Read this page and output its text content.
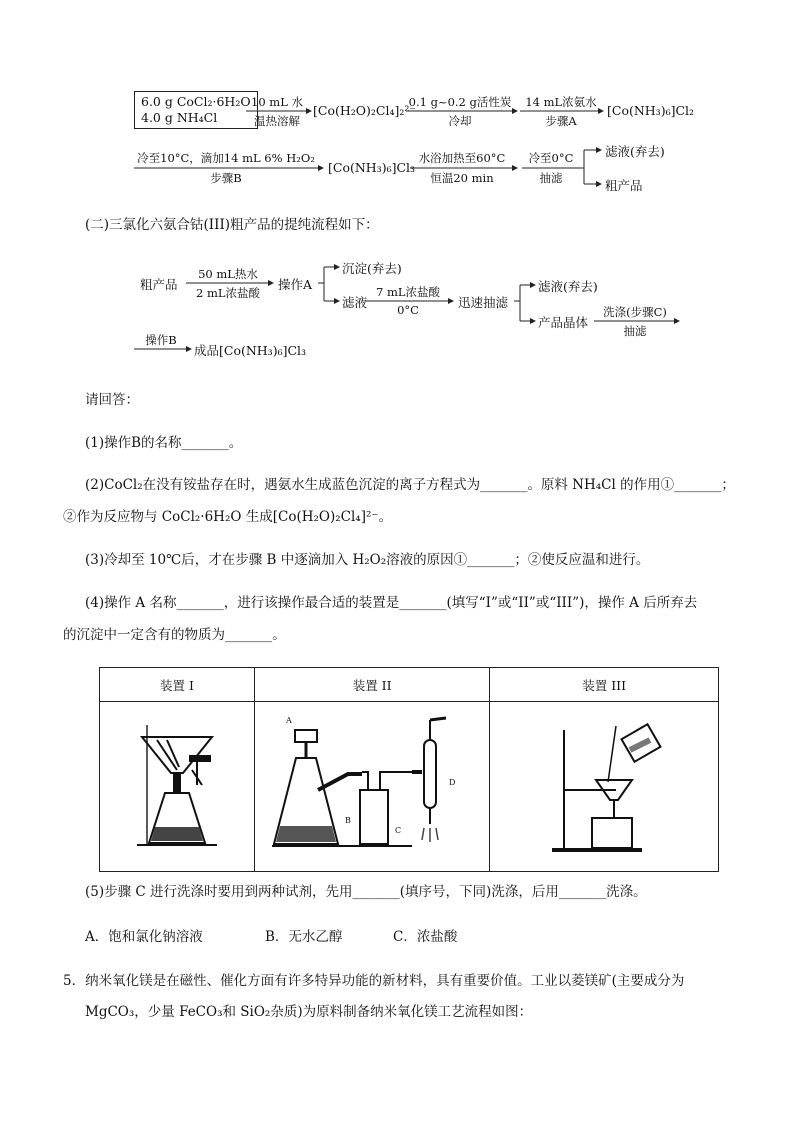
6.0 g CoCl₂·6H₂O
4.0 g NH₄Cl
10 mL 水
温热溶解
[Co(H₂O)₂Cl₄]₂²⁻
0.1 g~0.2 g活性炭
冷却
14 mL浓氨水
步骤A
[Co(NH₃)₆]Cl₂
冷至10°C，滴加14 mL 6% H₂O₂
步骤B
[Co(NH₃)₆]Cl₃
水浴加热至60°C
恒温20 min
冷至0°C
抽滤
滤液(弃去)
粗产品
(二)三氯化六氨合钴(III)粗产品的提纯流程如下：
粗产品
50 mL热水
2 mL浓盐酸
操作A
沉淀(弃去)
滤液
7 mL浓盐酸
0°C	迅速抽滤
滤液(弃去)
产品晶体
洗涤(步骤C)
抽滤
操作B
成品[Co(NH₃)₆]Cl₃
请回答：
(1)操作B的名称_______。
(2)CoCl₂在没有铵盐存在时，遇氨水生成蓝色沉淀的离子方程式为_______。原料 NH₄Cl 的作用①_______；
②作为反应物与 CoCl₂·6H₂O 生成[Co(H₂O)₂Cl₄]²⁻。
(3)冷却至 10℃后，才在步骤 B 中逐滴加入 H₂O₂溶液的原因①_______；②使反应温和进行。
(4)操作 A 名称_______，进行该操作最合适的装置是_______(填写“I”或“II”或“III”)，操作 A 后所弃去
的沉淀中一定含有的物质为_______。
装置 I	装置 II	装置 III

A
B
C
D

(5)步骤 C 进行洗涤时要用到两种试剂，先用_______(填序号，下同)洗涤，后用_______洗涤。
A．饱和氯化钠溶液	B．无水乙醇	C．浓盐酸
5．纳米氧化镁是在磁性、催化方面有许多特异功能的新材料，具有重要价值。工业以菱镁矿(主要成分为
MgCO₃，少量 FeCO₃和 SiO₂杂质)为原料制备纳米氧化镁工艺流程如图：
